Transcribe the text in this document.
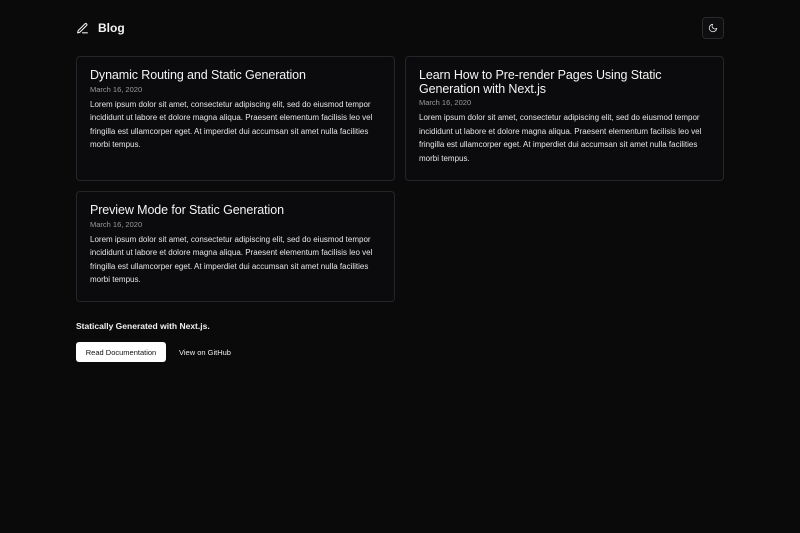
Blog
Dynamic Routing and Static Generation
March 16, 2020
Lorem ipsum dolor sit amet, consectetur adipiscing elit, sed do eiusmod tempor incididunt ut labore et dolore magna aliqua. Praesent elementum facilisis leo vel fringilla est ullamcorper eget. At imperdiet dui accumsan sit amet nulla facilities morbi tempus.
Learn How to Pre-render Pages Using Static Generation with Next.js
March 16, 2020
Lorem ipsum dolor sit amet, consectetur adipiscing elit, sed do eiusmod tempor incididunt ut labore et dolore magna aliqua. Praesent elementum facilisis leo vel fringilla est ullamcorper eget. At imperdiet dui accumsan sit amet nulla facilities morbi tempus.
Preview Mode for Static Generation
March 16, 2020
Lorem ipsum dolor sit amet, consectetur adipiscing elit, sed do eiusmod tempor incididunt ut labore et dolore magna aliqua. Praesent elementum facilisis leo vel fringilla est ullamcorper eget. At imperdiet dui accumsan sit amet nulla facilities morbi tempus.
Statically Generated with Next.js.
Read Documentation	View on GitHub
